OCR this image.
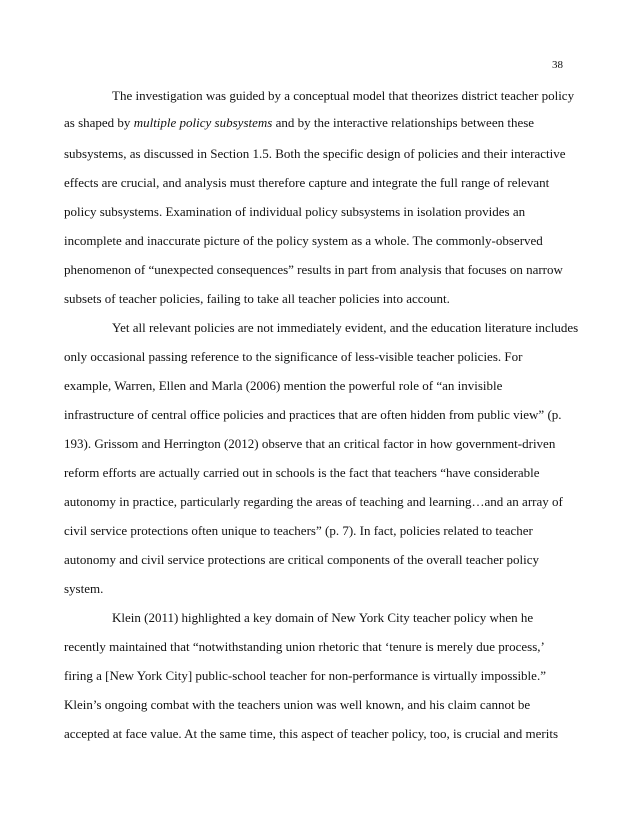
38
The investigation was guided by a conceptual model that theorizes district teacher policy
as shaped by multiple policy subsystems and by the interactive relationships between these
subsystems, as discussed in Section 1.5. Both the specific design of policies and their interactive
effects are crucial, and analysis must therefore capture and integrate the full range of relevant
policy subsystems. Examination of individual policy subsystems in isolation provides an
incomplete and inaccurate picture of the policy system as a whole. The commonly-observed
phenomenon of “unexpected consequences” results in part from analysis that focuses on narrow
subsets of teacher policies, failing to take all teacher policies into account.
Yet all relevant policies are not immediately evident, and the education literature includes
only occasional passing reference to the significance of less-visible teacher policies. For
example, Warren, Ellen and Marla (2006) mention the powerful role of “an invisible
infrastructure of central office policies and practices that are often hidden from public view” (p.
193). Grissom and Herrington (2012) observe that an critical factor in how government-driven
reform efforts are actually carried out in schools is the fact that teachers “have considerable
autonomy in practice, particularly regarding the areas of teaching and learning…and an array of
civil service protections often unique to teachers” (p. 7). In fact, policies related to teacher
autonomy and civil service protections are critical components of the overall teacher policy
system.
Klein (2011) highlighted a key domain of New York City teacher policy when he
recently maintained that “notwithstanding union rhetoric that ‘tenure is merely due process,’
firing a [New York City] public-school teacher for non-performance is virtually impossible.”
Klein’s ongoing combat with the teachers union was well known, and his claim cannot be
accepted at face value. At the same time, this aspect of teacher policy, too, is crucial and merits
